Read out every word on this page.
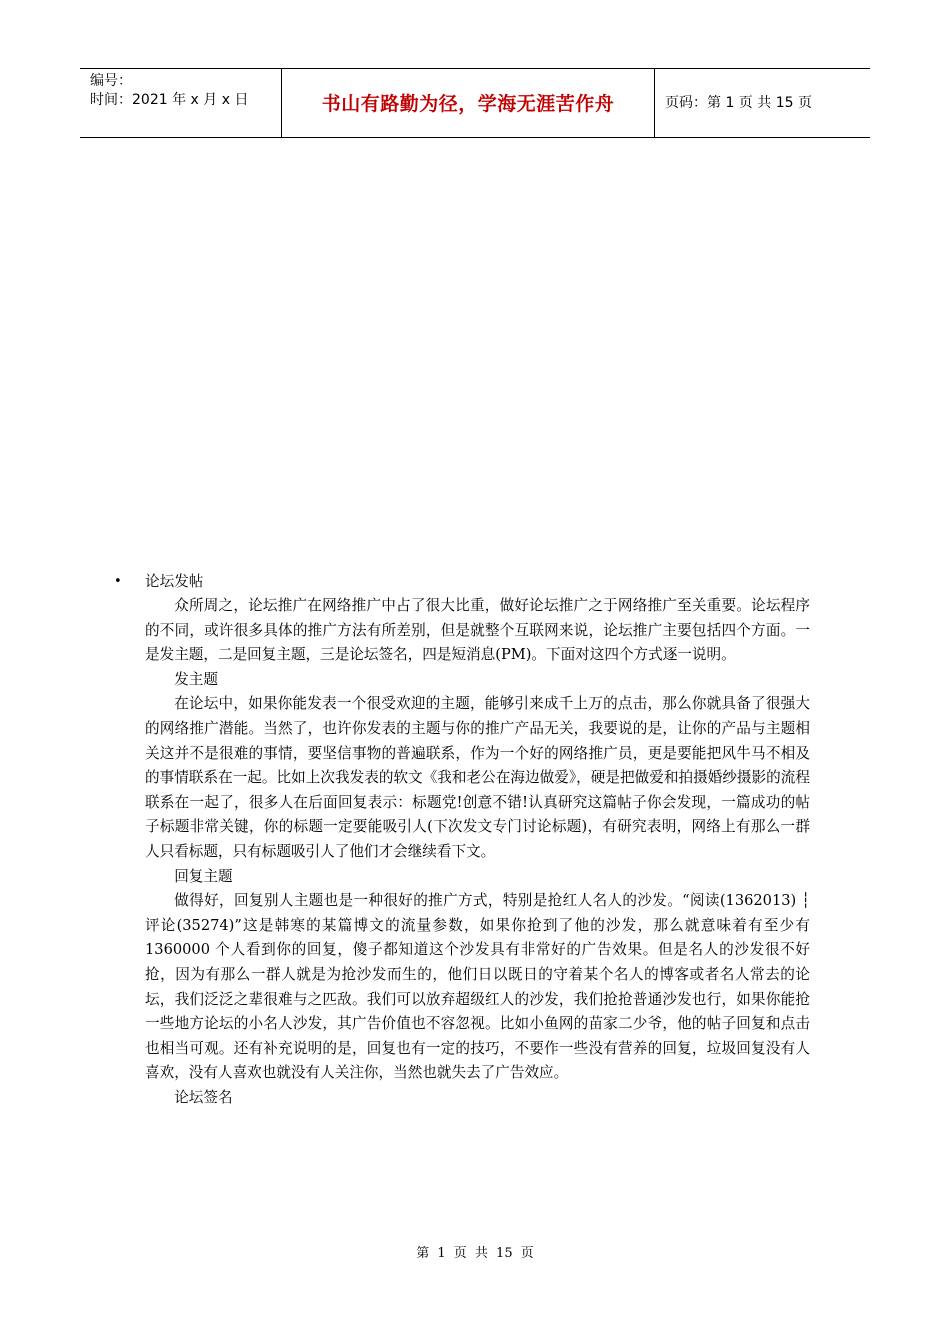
编号：
时间：2021 年 x 月 x 日	书山有路勤为径，学海无涯苦作舟	页码：第 1 页 共 15 页
• 论坛发帖

众所周之，论坛推广在网络推广中占了很大比重，做好论坛推广之于网络推广至关重要。论坛程序的不同，或许很多具体的推广方法有所差别，但是就整个互联网来说，论坛推广主要包括四个方面。一是发主题，二是回复主题，三是论坛签名，四是短消息(PM)。下面对这四个方式逐一说明。

发主题

在论坛中，如果你能发表一个很受欢迎的主题，能够引来成千上万的点击，那么你就具备了很强大的网络推广潜能。当然了，也许你发表的主题与你的推广产品无关，我要说的是，让你的产品与主题相关这并不是很难的事情，要坚信事物的普遍联系，作为一个好的网络推广员，更是要能把风牛马不相及的事情联系在一起。比如上次我发表的软文《我和老公在海边做爱》，硬是把做爱和拍摄婚纱摄影的流程联系在一起了，很多人在后面回复表示：标题党!创意不错!认真研究这篇帖子你会发现，一篇成功的帖子标题非常关键，你的标题一定要能吸引人(下次发文专门讨论标题)，有研究表明，网络上有那么一群人只看标题，只有标题吸引人了他们才会继续看下文。

回复主题

做得好，回复别人主题也是一种很好的推广方式，特别是抢红人名人的沙发。“阅读(1362013) ┆ 评论(35274)”这是韩寒的某篇博文的流量参数，如果你抢到了他的沙发，那么就意味着有至少有 1360000 个人看到你的回复，傻子都知道这个沙发具有非常好的广告效果。但是名人的沙发很不好抢，因为有那么一群人就是为抢沙发而生的，他们日以既日的守着某个名人的博客或者名人常去的论坛，我们泛泛之辈很难与之匹敌。我们可以放弃超级红人的沙发，我们抢抢普通沙发也行，如果你能抢一些地方论坛的小名人沙发，其广告价值也不容忽视。比如小鱼网的苗家二少爷，他的帖子回复和点击也相当可观。还有补充说明的是，回复也有一定的技巧，不要作一些没有营养的回复，垃圾回复没有人喜欢，没有人喜欢也就没有人关注你，当然也就失去了广告效应。

论坛签名

第 1 页 共 15 页
